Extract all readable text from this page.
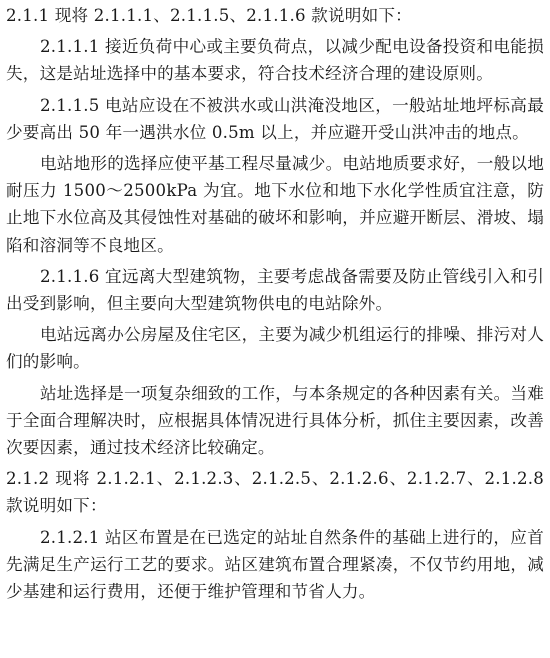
2.1.1 现将 2.1.1.1、2.1.1.5、2.1.1.6 款说明如下：

2.1.1.1 接近负荷中心或主要负荷点，以减少配电设备投资和电能损失，这是站址选择中的基本要求，符合技术经济合理的建设原则。

2.1.1.5 电站应设在不被洪水或山洪淹没地区，一般站址地坪标高最少要高出 50 年一遇洪水位 0.5m 以上，并应避开受山洪冲击的地点。

电站地形的选择应使平基工程尽量减少。电站地质要求好，一般以地耐压力 1500～2500kPa 为宜。地下水位和地下水化学性质宜注意，防止地下水位高及其侵蚀性对基础的破坏和影响，并应避开断层、滑坡、塌陷和溶洞等不良地区。

2.1.1.6 宜远离大型建筑物，主要考虑战备需要及防止管线引入和引出受到影响，但主要向大型建筑物供电的电站除外。

电站远离办公房屋及住宅区，主要为减少机组运行的排噪、排污对人们的影响。

站址选择是一项复杂细致的工作，与本条规定的各种因素有关。当难于全面合理解决时，应根据具体情况进行具体分析，抓住主要因素，改善次要因素，通过技术经济比较确定。

2.1.2 现将 2.1.2.1、2.1.2.3、2.1.2.5、2.1.2.6、2.1.2.7、2.1.2.8 款说明如下：

2.1.2.1 站区布置是在已选定的站址自然条件的基础上进行的，应首先满足生产运行工艺的要求。站区建筑布置合理紧凑，不仅节约用地，减少基建和运行费用，还便于维护管理和节省人力。
